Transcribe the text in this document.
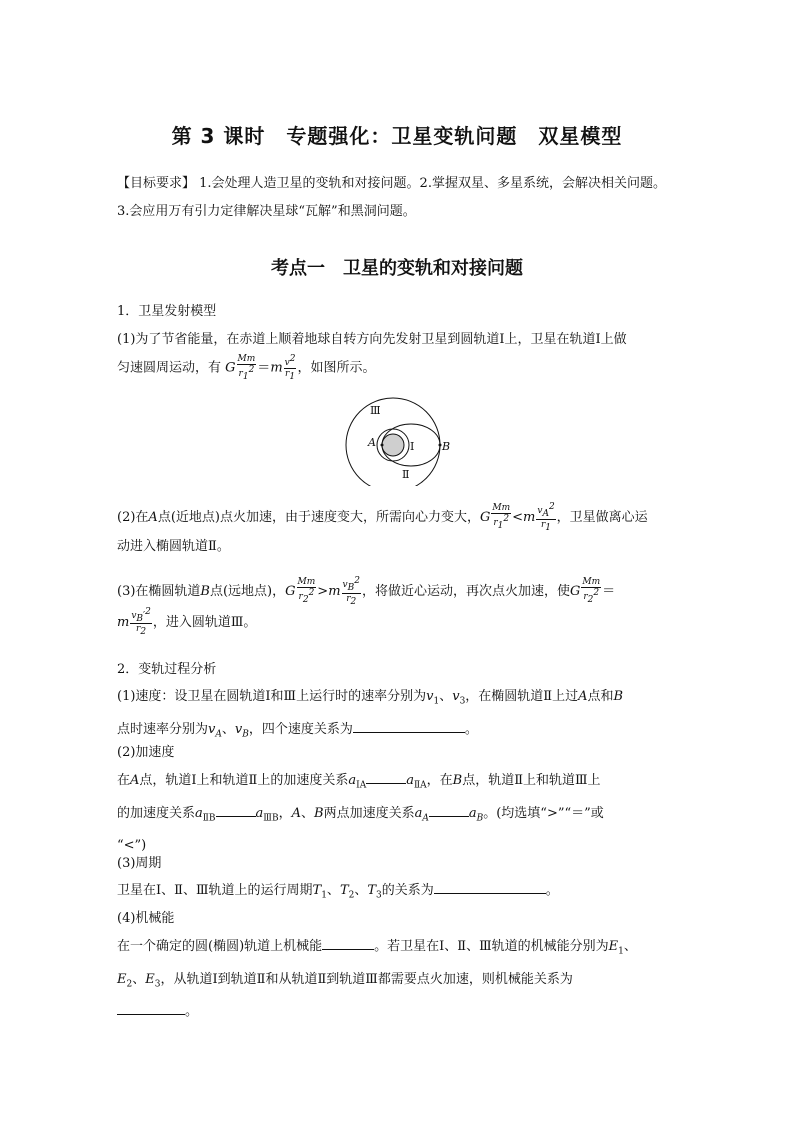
第 3 课时　专题强化：卫星变轨问题　双星模型
【目标要求】 1.会处理人造卫星的变轨和对接问题。2.掌握双星、多星系统，会解决相关问题。
3.会应用万有引力定律解决星球“瓦解”和黑洞问题。
考点一　卫星的变轨和对接问题
1．卫星发射模型
(1)为了节省能量，在赤道上顺着地球自转方向先发射卫星到圆轨道Ⅰ上，卫星在轨道Ⅰ上做
匀速圆周运动，有 G $\frac{Mm}{r_1^2} =m \frac{v^2}{r_1}$ ，如图所示。
Ⅲ
A	Ⅰ	B
Ⅱ
(2)在A点(近地点)点火加速，由于速度变大，所需向心力变大，G $\frac{Mm}{r_1^2} <m \frac{v_A^2}{r_1}$ ，卫星做离心运
动进入椭圆轨道Ⅱ。
(3)在椭圆轨道B点(远地点)，G $\frac{Mm}{r_2^2} >m \frac{v_B^2}{r_2}$ ，将做近心运动，再次点火加速，使G $\frac{Mm}{r_2^2}$ ＝
m $\frac{v_B'^2}{r_2}$ ，进入圆轨道Ⅲ。
2．变轨过程分析
(1)速度：设卫星在圆轨道Ⅰ和Ⅲ上运行时的速率分别为$v_1$、$v_3$，在椭圆轨道Ⅱ上过A点和B
点时速率分别为$v_A$、$v_B$，四个速度关系为	。
(2)加速度
在A点，轨道Ⅰ上和轨道Ⅱ上的加速度关系$a_{ⅠA}$	$a_{ⅡA}$，在B点，轨道Ⅱ上和轨道Ⅲ上
的加速度关系$a_{ⅡB}$	$a_{ⅢB}$，A、B两点加速度关系$a_A$	$a_B$。(均选填“>”“＝”或
“<”)
(3)周期
卫星在Ⅰ、Ⅱ、Ⅲ轨道上的运行周期$T_1$、$T_2$、$T_3$的关系为	。
(4)机械能
在一个确定的圆(椭圆)轨道上机械能	。若卫星在Ⅰ、Ⅱ、Ⅲ轨道的机械能分别为$E_1$、
$E_2$、$E_3$，从轨道Ⅰ到轨道Ⅱ和从轨道Ⅱ到轨道Ⅲ都需要点火加速，则机械能关系为
。
